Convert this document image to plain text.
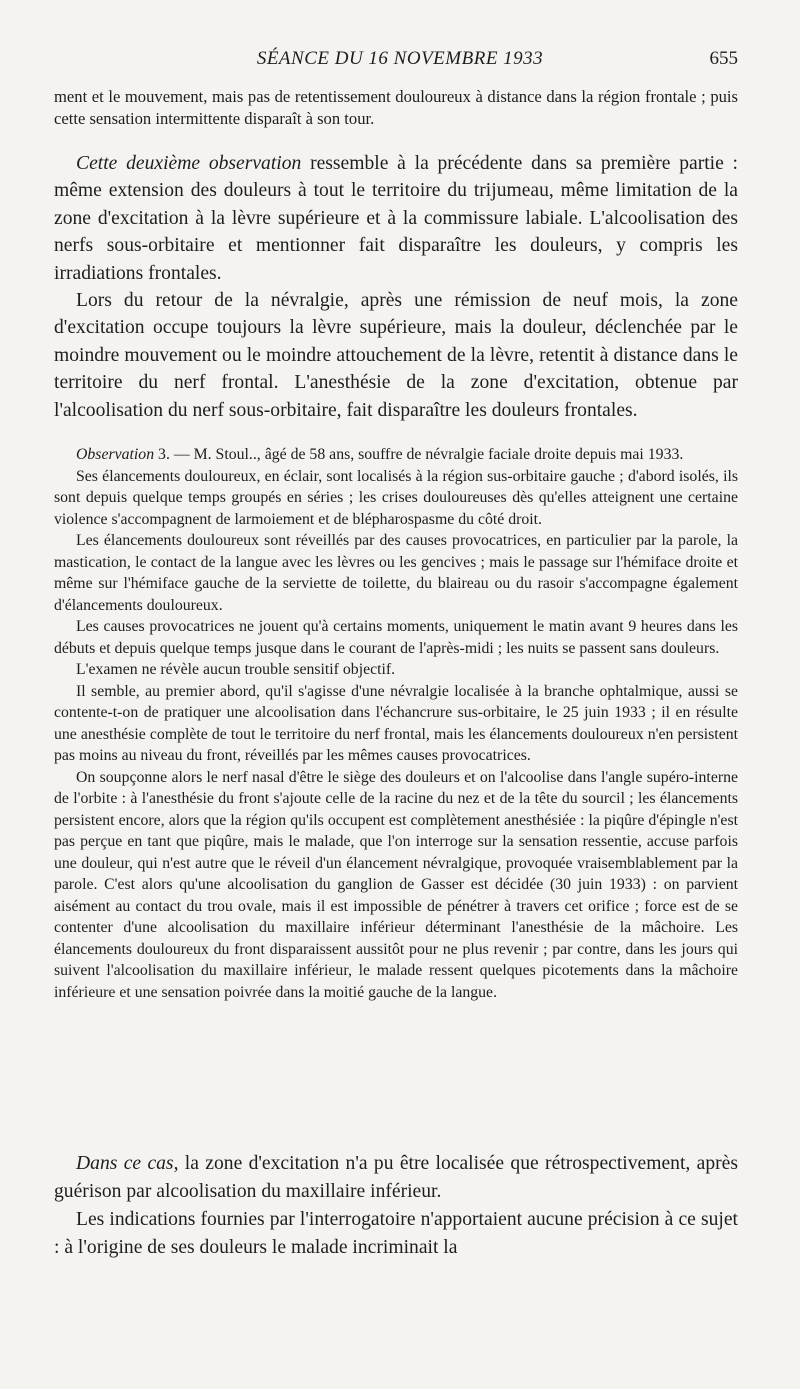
SÉANCE DU 16 NOVEMBRE 1933	655

ment et le mouvement, mais pas de retentissement douloureux à distance dans la région frontale ; puis cette sensation intermittente disparaît à son tour.

Cette deuxième observation ressemble à la précédente dans sa première partie : même extension des douleurs à tout le territoire du trijumeau, même limitation de la zone d'excitation à la lèvre supérieure et à la commissure labiale. L'alcoolisation des nerfs sous-orbitaire et mentionner fait disparaître les douleurs, y compris les irradiations frontales.

Lors du retour de la névralgie, après une rémission de neuf mois, la zone d'excitation occupe toujours la lèvre supérieure, mais la douleur, déclenchée par le moindre mouvement ou le moindre attouchement de la lèvre, retentit à distance dans le territoire du nerf frontal. L'anesthésie de la zone d'excitation, obtenue par l'alcoolisation du nerf sous-orbitaire, fait disparaître les douleurs frontales.

Observation 3. — M. Stoul.., âgé de 58 ans, souffre de névralgie faciale droite depuis mai 1933.

Ses élancements douloureux, en éclair, sont localisés à la région sus-orbitaire gauche ; d'abord isolés, ils sont depuis quelque temps groupés en séries ; les crises douloureuses dès qu'elles atteignent une certaine violence s'accompagnent de larmoiement et de blépharospasme du côté droit.

Les élancements douloureux sont réveillés par des causes provocatrices, en particulier par la parole, la mastication, le contact de la langue avec les lèvres ou les gencives ; mais le passage sur l'hémiface droite et même sur l'hémiface gauche de la serviette de toilette, du blaireau ou du rasoir s'accompagne également d'élancements douloureux.

Les causes provocatrices ne jouent qu'à certains moments, uniquement le matin avant 9 heures dans les débuts et depuis quelque temps jusque dans le courant de l'après-midi ; les nuits se passent sans douleurs.

L'examen ne révèle aucun trouble sensitif objectif.

Il semble, au premier abord, qu'il s'agisse d'une névralgie localisée à la branche ophtalmique, aussi se contente-t-on de pratiquer une alcoolisation dans l'échancrure sus-orbitaire, le 25 juin 1933 ; il en résulte une anesthésie complète de tout le territoire du nerf frontal, mais les élancements douloureux n'en persistent pas moins au niveau du front, réveillés par les mêmes causes provocatrices.

On soupçonne alors le nerf nasal d'être le siège des douleurs et on l'alcoolise dans l'angle supéro-interne de l'orbite : à l'anesthésie du front s'ajoute celle de la racine du nez et de la tête du sourcil ; les élancements persistent encore, alors que la région qu'ils occupent est complètement anesthésiée : la piqûre d'épingle n'est pas perçue en tant que piqûre, mais le malade, que l'on interroge sur la sensation ressentie, accuse parfois une douleur, qui n'est autre que le réveil d'un élancement névralgique, provoquée vraisemblablement par la parole. C'est alors qu'une alcoolisation du ganglion de Gasser est décidée (30 juin 1933) : on parvient aisément au contact du trou ovale, mais il est impossible de pénétrer à travers cet orifice ; force est de se contenter d'une alcoolisation du maxillaire inférieur déterminant l'anesthésie de la mâchoire. Les élancements douloureux du front disparaissent aussitôt pour ne plus revenir ; par contre, dans les jours qui suivent l'alcoolisation du maxillaire inférieur, le malade ressent quelques picotements dans la mâchoire inférieure et une sensation poivrée dans la moitié gauche de la langue.

Dans ce cas, la zone d'excitation n'a pu être localisée que rétrospectivement, après guérison par alcoolisation du maxillaire inférieur.

Les indications fournies par l'interrogatoire n'apportaient aucune précision à ce sujet : à l'origine de ses douleurs le malade incriminait la
